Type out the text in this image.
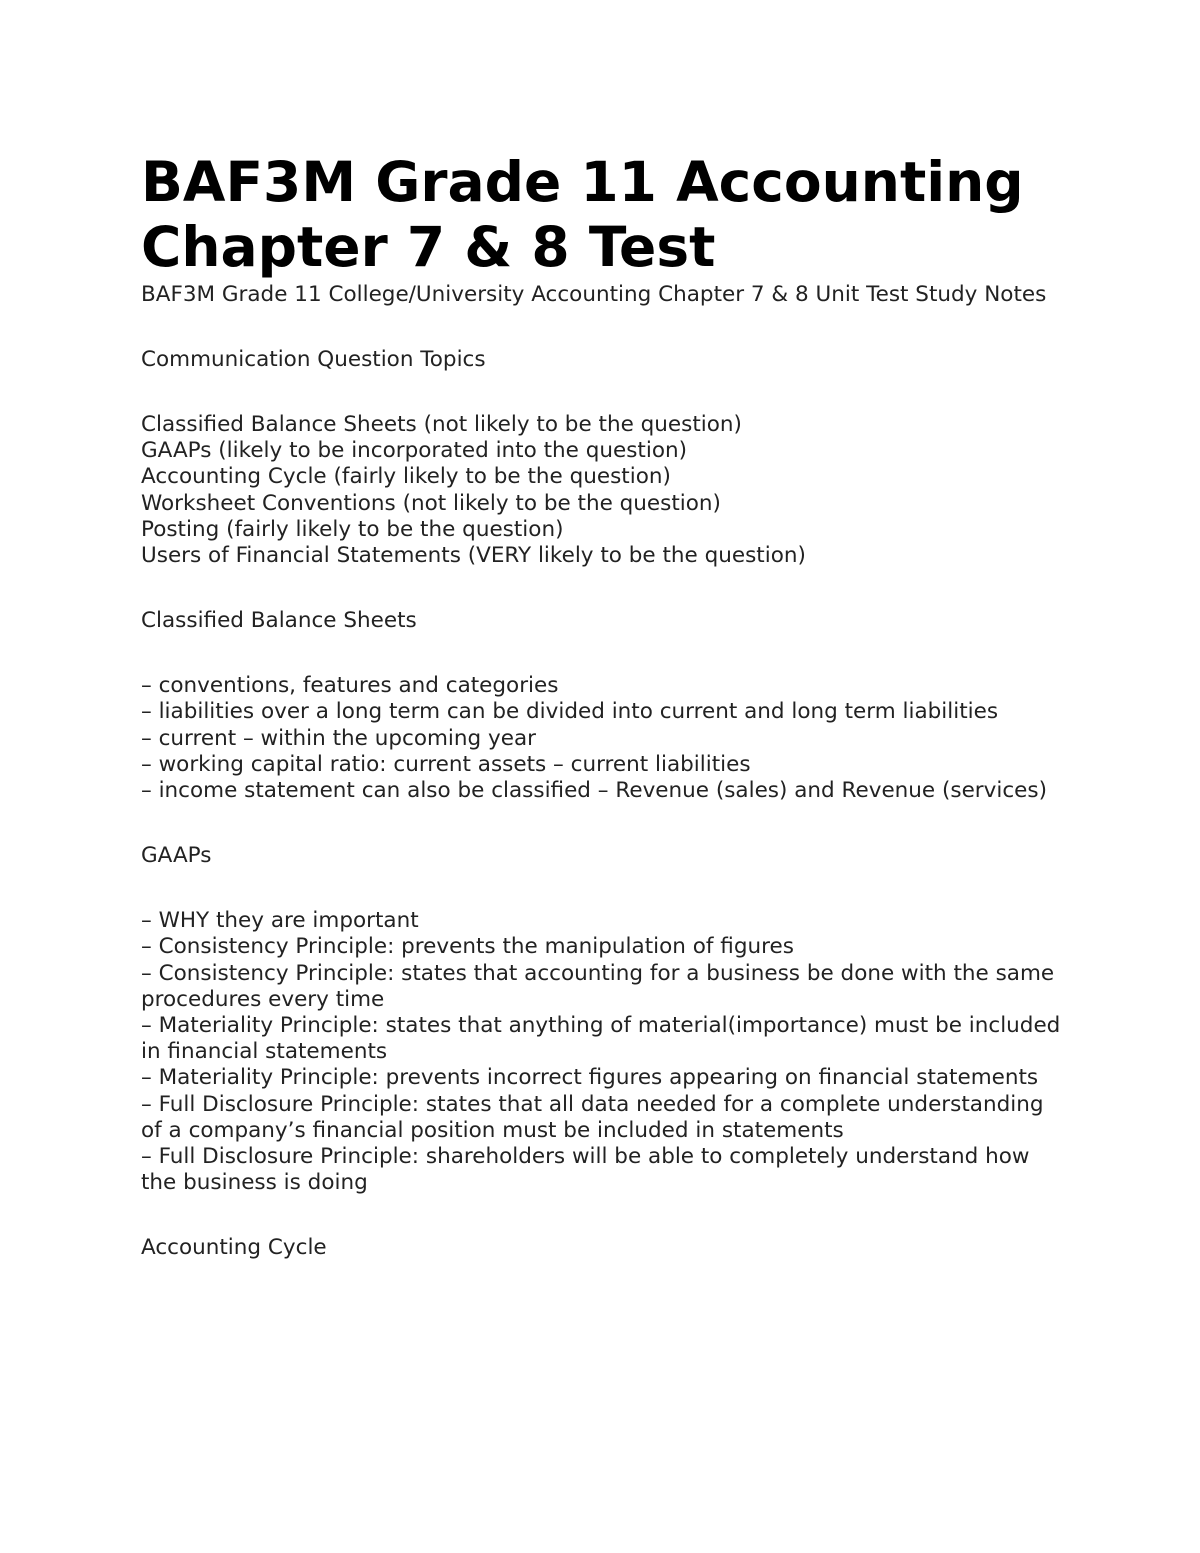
BAF3M Grade 11 Accounting Chapter 7 & 8 Test

BAF3M Grade 11 College/University Accounting Chapter 7 & 8 Unit Test Study Notes

Communication Question Topics
Classified Balance Sheets (not likely to be the question)
GAAPs (likely to be incorporated into the question)
Accounting Cycle (fairly likely to be the question)
Worksheet Conventions (not likely to be the question)
Posting (fairly likely to be the question)
Users of Financial Statements (VERY likely to be the question)
Classified Balance Sheets
– conventions, features and categories
– liabilities over a long term can be divided into current and long term liabilities
– current – within the upcoming year
– working capital ratio: current assets – current liabilities
– income statement can also be classified – Revenue (sales) and Revenue (services)
GAAPs
– WHY they are important
– Consistency Principle: prevents the manipulation of figures
– Consistency Principle: states that accounting for a business be done with the same procedures every time
– Materiality Principle: states that anything of material(importance) must be included in financial statements
– Materiality Principle: prevents incorrect figures appearing on financial statements
– Full Disclosure Principle: states that all data needed for a complete understanding of a company’s financial position must be included in statements
– Full Disclosure Principle: shareholders will be able to completely understand how the business is doing
Accounting Cycle
